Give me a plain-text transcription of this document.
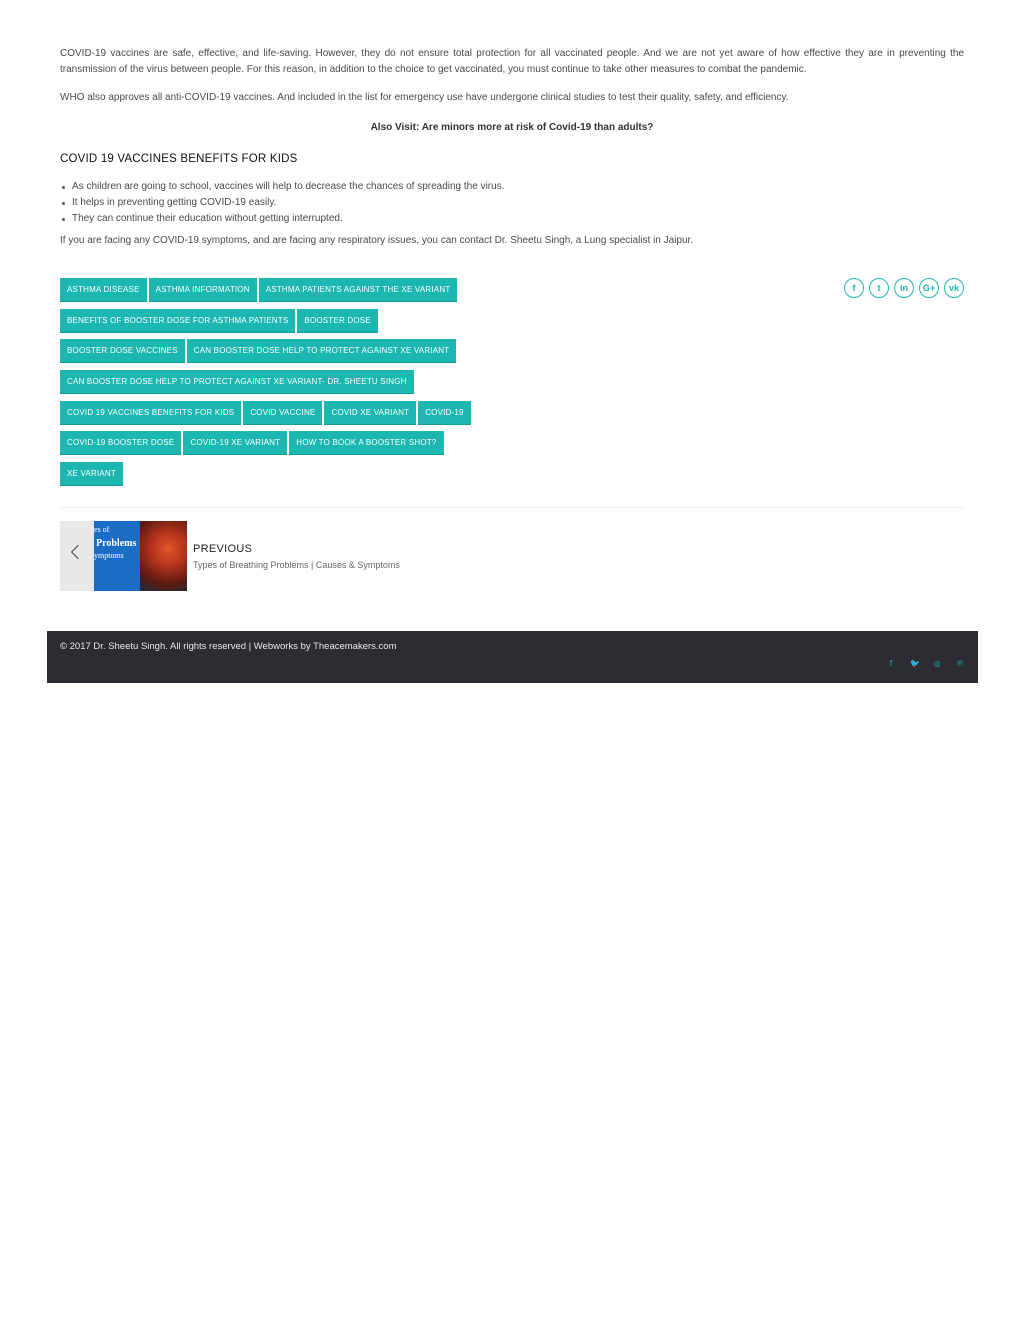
COVID-19 vaccines are safe, effective, and life-saving. However, they do not ensure total protection for all vaccinated people. And we are not yet aware of how effective they are in preventing the transmission of the virus between people. For this reason, in addition to the choice to get vaccinated, you must continue to take other measures to combat the pandemic.

WHO also approves all anti-COVID-19 vaccines. And included in the list for emergency use have undergone clinical studies to test their quality, safety, and efficiency.

Also Visit: Are minors more at risk of Covid-19 than adults?
COVID 19 VACCINES BENEFITS FOR KIDS
As children are going to school, vaccines will help to decrease the chances of spreading the virus.
It helps in preventing getting COVID-19 easily.
They can continue their education without getting interrupted.

If you are facing any COVID-19 symptoms, and are facing any respiratory issues, you can contact Dr. Sheetu Singh, a Lung specialist in Jaipur.

ASTHMA DISEASE	ASTHMA INFORMATION	ASTHMA PATIENTS AGAINST THE XE VARIANT
BENEFITS OF BOOSTER DOSE FOR ASTHMA PATIENTS	BOOSTER DOSE
BOOSTER DOSE VACCINES	CAN BOOSTER DOSE HELP TO PROTECT AGAINST XE VARIANT
CAN BOOSTER DOSE HELP TO PROTECT AGAINST XE VARIANT- DR. SHEETU SINGH
COVID 19 VACCINES BENEFITS FOR KIDS	COVID VACCINE	COVID XE VARIANT	COVID-19
COVID-19 BOOSTER DOSE	COVID-19 XE VARIANT	HOW TO BOOK A BOOSTER SHOT?
XE VARIANT
f	t	in	G+	vk
es of
Problems
ymptoms
PREVIOUS
Types of Breathing Problems | Causes & Symptoms
© 2017 Dr. Sheetu Singh. All rights reserved | Webworks by Theacemakers.com
f	🐦 ◎ ℗
